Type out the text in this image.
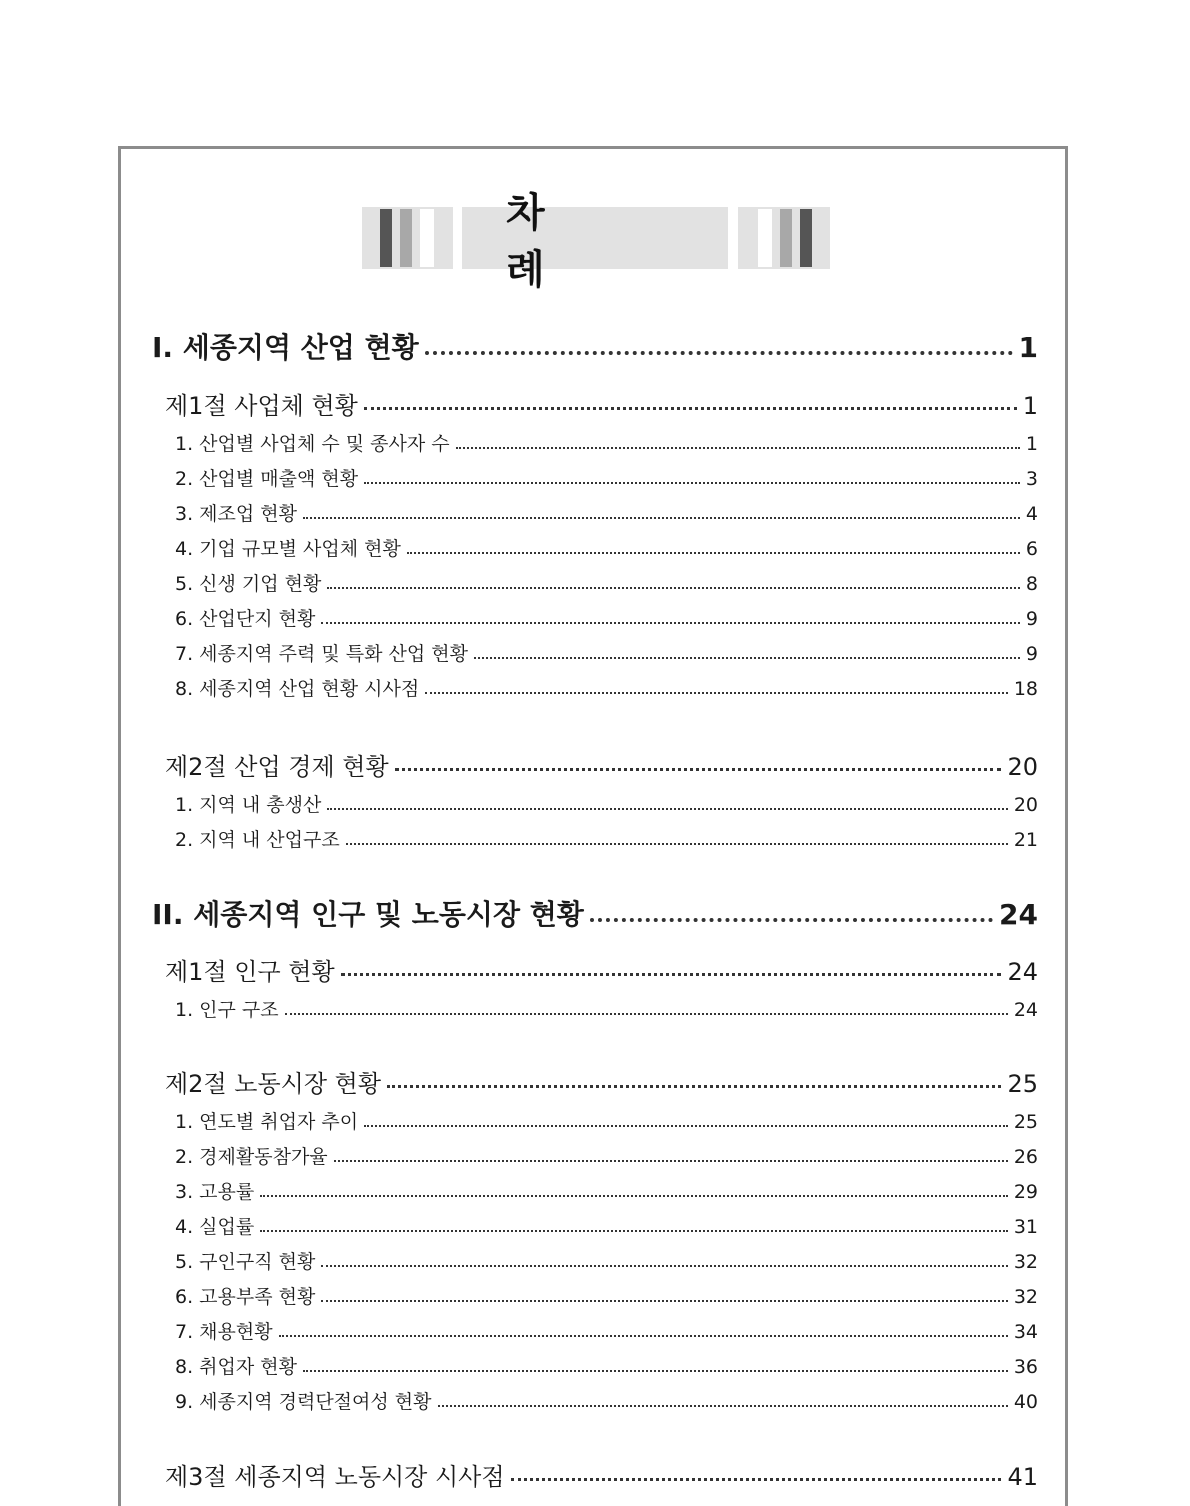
차 례
I. 세종지역 산업 현황	1
제1절 사업체 현황	1
1. 산업별 사업체 수 및 종사자 수	1
2. 산업별 매출액 현황	3
3. 제조업 현황	4
4. 기업 규모별 사업체 현황	6
5. 신생 기업 현황	8
6. 산업단지 현황	9
7. 세종지역 주력 및 특화 산업 현황	9
8. 세종지역 산업 현황 시사점	18
제2절 산업 경제 현황	20
1. 지역 내 총생산	20
2. 지역 내 산업구조	21
II. 세종지역 인구 및 노동시장 현황	24
제1절 인구 현황	24
1. 인구 구조	24
제2절 노동시장 현황	25
1. 연도별 취업자 추이	25
2. 경제활동참가율	26
3. 고용률	29
4. 실업률	31
5. 구인구직 현황	32
6. 고용부족 현황	32
7. 채용현황	34
8. 취업자 현황	36
9. 세종지역 경력단절여성 현황	40
제3절 세종지역 노동시장 시사점	41
